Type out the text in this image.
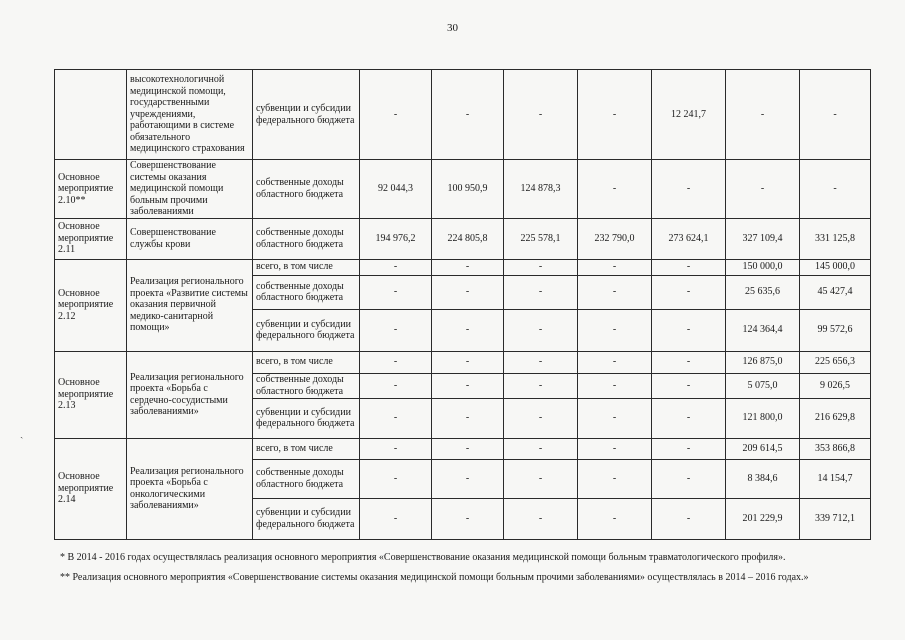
30
	высокотехнологичной медицинской помощи, государственными учреждениями, работающими в системе обязательного медицинского страхования	субвенции и субсидии федерального бюджета	-	-	-	-	12 241,7	-	-
Основное мероприятие 2.10**	Совершенствование системы оказания медицинской помощи больным прочими заболеваниями	собственные доходы областного бюджета	92 044,3	100 950,9	124 878,3	-	-	-	-
Основное мероприятие 2.11	Совершенствование службы крови	собственные доходы областного бюджета	194 976,2	224 805,8	225 578,1	232 790,0	273 624,1	327 109,4	331 125,8
Основное мероприятие 2.12	Реализация регионального проекта «Развитие системы оказания первичной медико-санитарной помощи»	всего, в том числе	-	-	-	-	-	150 000,0	145 000,0
		собственные доходы областного бюджета	-	-	-	-	-	25 635,6	45 427,4
		субвенции и субсидии федерального бюджета	-	-	-	-	-	124 364,4	99 572,6
Основное мероприятие 2.13	Реализация регионального проекта «Борьба с сердечно-сосудистыми заболеваниями»	всего, в том числе	-	-	-	-	-	126 875,0	225 656,3
		собственные доходы областного бюджета	-	-	-	-	-	5 075,0	9 026,5
		субвенции и субсидии федерального бюджета	-	-	-	-	-	121 800,0	216 629,8
Основное мероприятие 2.14	Реализация регионального проекта «Борьба с онкологическими заболеваниями»	всего, в том числе	-	-	-	-	-	209 614,5	353 866,8
		собственные доходы областного бюджета	-	-	-	-	-	8 384,6	14 154,7
		субвенции и субсидии федерального бюджета	-	-	-	-	-	201 229,9	339 712,1
* В 2014 - 2016 годах осуществлялась реализация основного мероприятия «Совершенствование оказания медицинской помощи больным травматологического профиля».
** Реализация основного мероприятия «Совершенствование системы оказания медицинской помощи больным прочими заболеваниями» осуществлялась в 2014 – 2016 годах.»
ˏ
